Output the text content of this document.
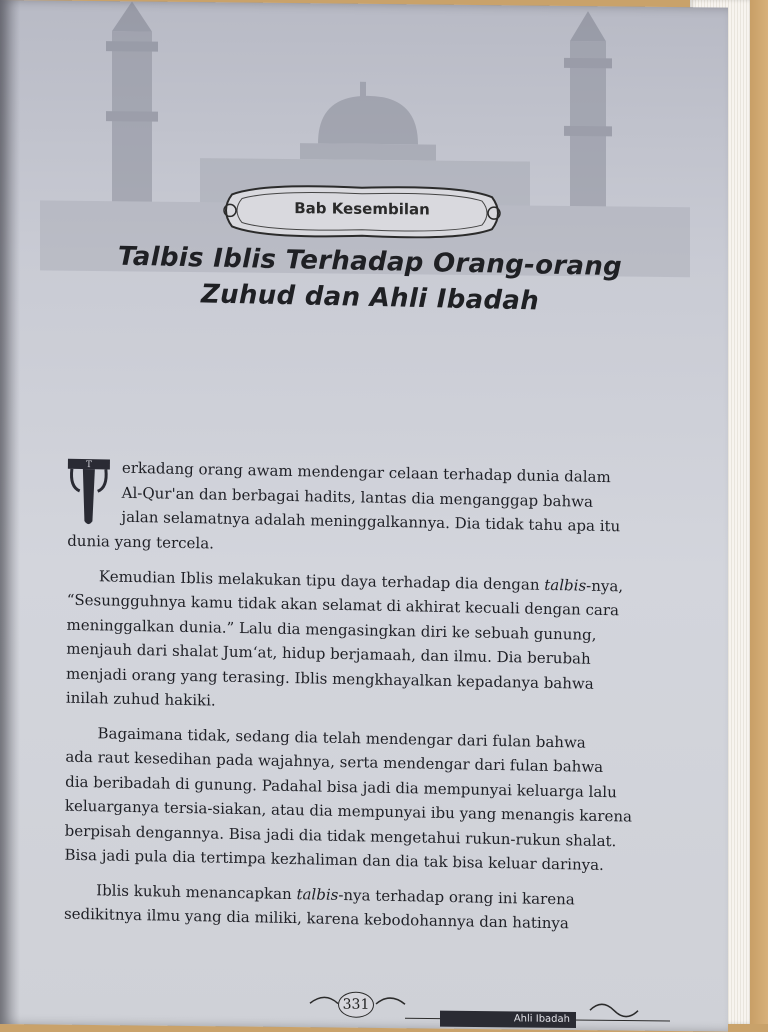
Bab Kesembilan
Talbis Iblis Terhadap Orang-orang
Zuhud dan Ahli Ibadah

T	erkadang orang awam mendengar celaan terhadap dunia dalam
Al-Qur'an dan berbagai hadits, lantas dia menganggap bahwa
jalan selamatnya adalah meninggalkannya. Dia tidak tahu apa itu
dunia yang tercela.

Kemudian Iblis melakukan tipu daya terhadap dia dengan talbis-nya,
“Sesungguhnya kamu tidak akan selamat di akhirat kecuali dengan cara
meninggalkan dunia.” Lalu dia mengasingkan diri ke sebuah gunung,
menjauh dari shalat Jum‘at, hidup berjamaah, dan ilmu. Dia berubah
menjadi orang yang terasing. Iblis mengkhayalkan kepadanya bahwa
inilah zuhud hakiki.

Bagaimana tidak, sedang dia telah mendengar dari fulan bahwa
ada raut kesedihan pada wajahnya, serta mendengar dari fulan bahwa
dia beribadah di gunung. Padahal bisa jadi dia mempunyai keluarga lalu
keluarganya tersia-siakan, atau dia mempunyai ibu yang menangis karena
berpisah dengannya. Bisa jadi dia tidak mengetahui rukun-rukun shalat.
Bisa jadi pula dia tertimpa kezhaliman dan dia tak bisa keluar darinya.

Iblis kukuh menancapkan talbis-nya terhadap orang ini karena
sedikitnya ilmu yang dia miliki, karena kebodohannya dan hatinya

331
Ahli Ibadah
